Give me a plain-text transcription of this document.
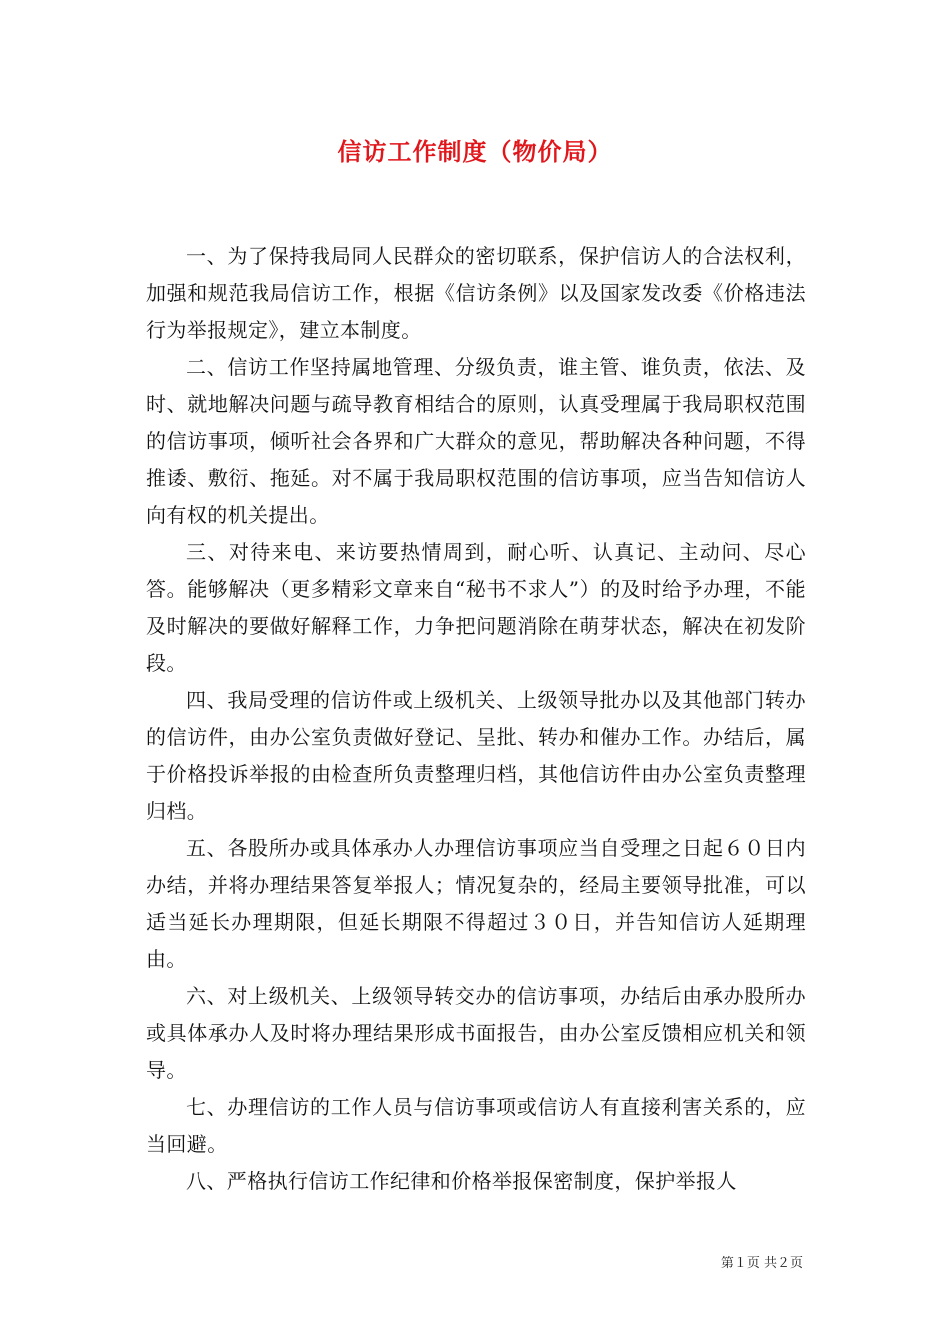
信访工作制度（物价局）

一、为了保持我局同人民群众的密切联系，保护信访人的合法权利，加强和规范我局信访工作，根据《信访条例》以及国家发改委《价格违法行为举报规定》，建立本制度。

二、信访工作坚持属地管理、分级负责，谁主管、谁负责，依法、及时、就地解决问题与疏导教育相结合的原则，认真受理属于我局职权范围的信访事项，倾听社会各界和广大群众的意见，帮助解决各种问题，不得推诿、敷衍、拖延。对不属于我局职权范围的信访事项，应当告知信访人向有权的机关提出。

三、对待来电、来访要热情周到，耐心听、认真记、主动问、尽心答。能够解决（更多精彩文章来自“秘书不求人”）的及时给予办理，不能及时解决的要做好解释工作，力争把问题消除在萌芽状态，解决在初发阶段。

四、我局受理的信访件或上级机关、上级领导批办以及其他部门转办的信访件，由办公室负责做好登记、呈批、转办和催办工作。办结后，属于价格投诉举报的由检查所负责整理归档，其他信访件由办公室负责整理归档。

五、各股所办或具体承办人办理信访事项应当自受理之日起６０日内办结，并将办理结果答复举报人；情况复杂的，经局主要领导批准，可以适当延长办理期限，但延长期限不得超过３０日，并告知信访人延期理由。

六、对上级机关、上级领导转交办的信访事项，办结后由承办股所办或具体承办人及时将办理结果形成书面报告，由办公室反馈相应机关和领导。

七、办理信访的工作人员与信访事项或信访人有直接利害关系的，应当回避。

八、严格执行信访工作纪律和价格举报保密制度，保护举报人

第１页 共２页
